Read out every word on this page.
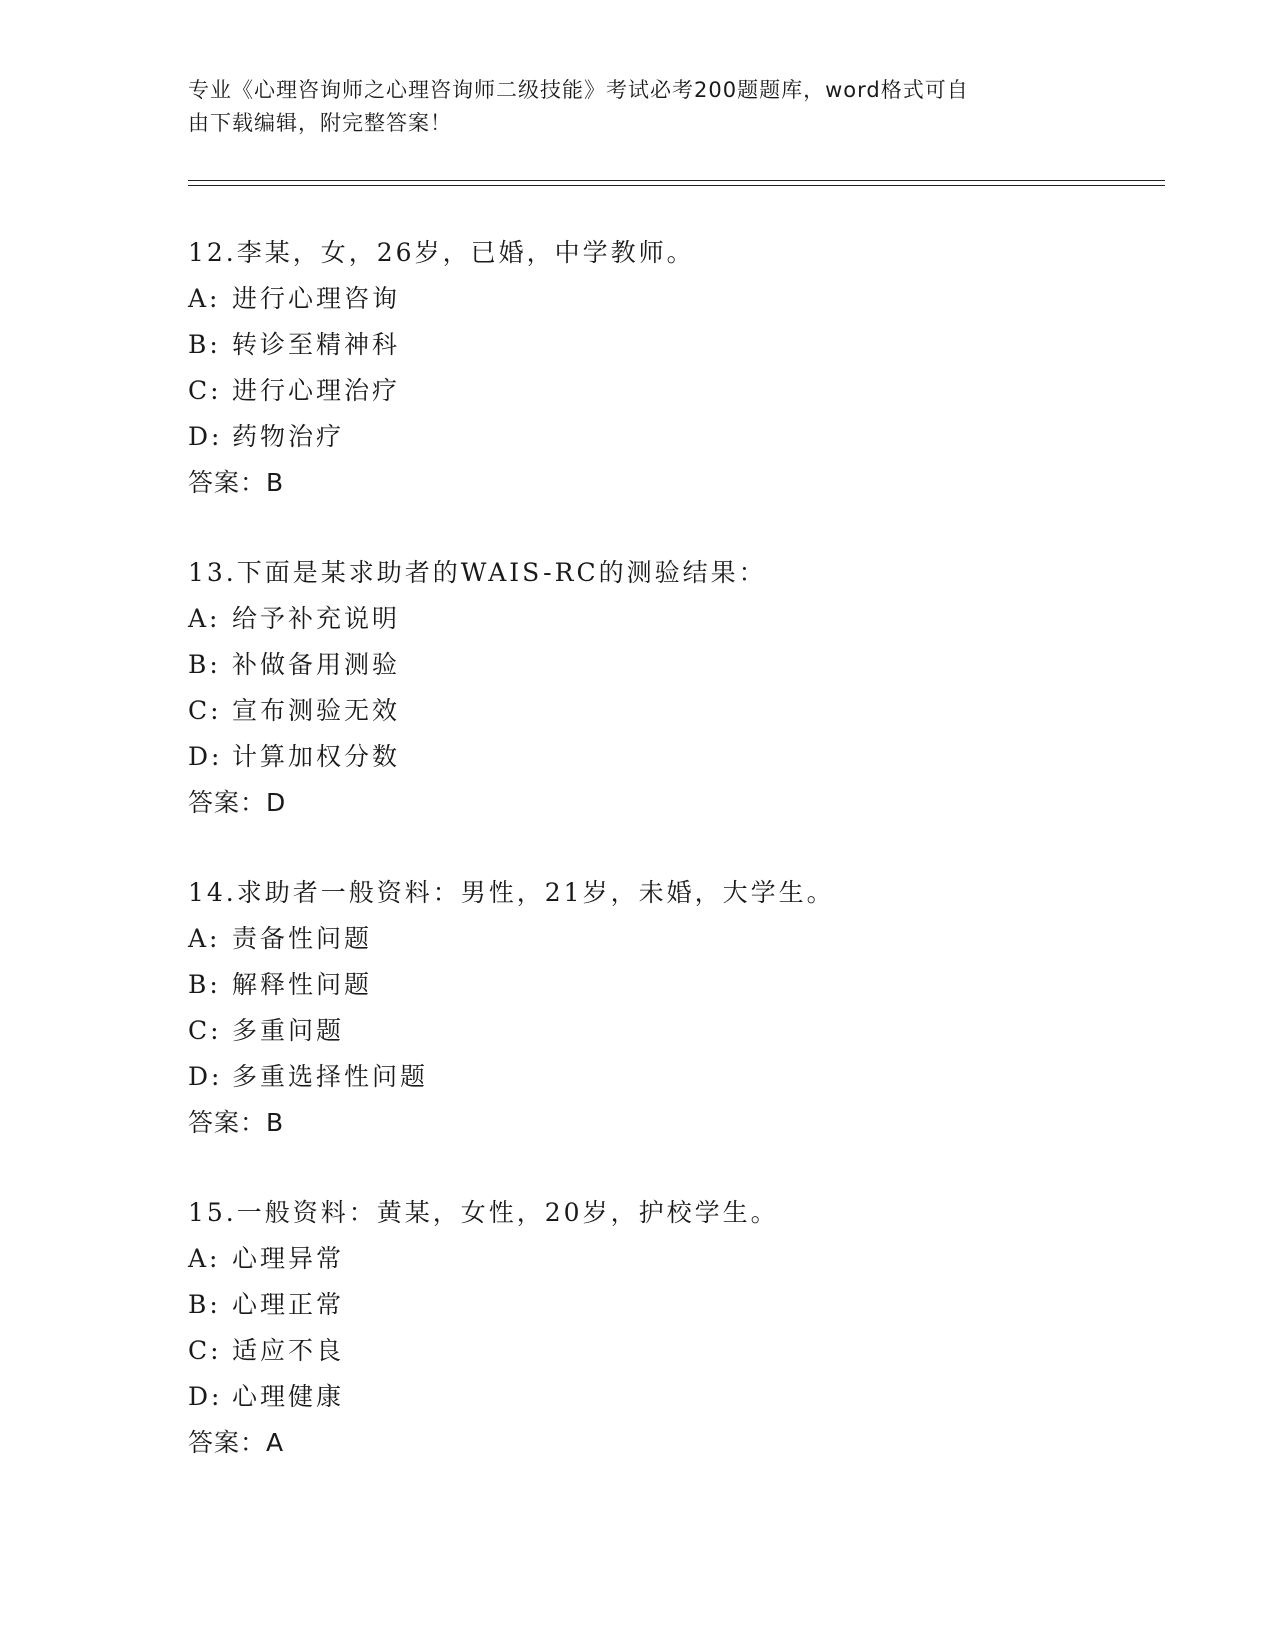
专业《心理咨询师之心理咨询师二级技能》考试必考200题题库，word格式可自
由下载编辑，附完整答案！
12.李某，女，26岁，已婚，中学教师。
A: 进行心理咨询
B: 转诊至精神科
C: 进行心理治疗
D: 药物治疗
答案：B
13.下面是某求助者的WAIS-RC的测验结果：
A: 给予补充说明
B: 补做备用测验
C: 宣布测验无效
D: 计算加权分数
答案：D
14.求助者一般资料：男性，21岁，未婚，大学生。
A: 责备性问题
B: 解释性问题
C: 多重问题
D: 多重选择性问题
答案：B
15.一般资料：黄某，女性，20岁，护校学生。
A: 心理异常
B: 心理正常
C: 适应不良
D: 心理健康
答案：A
